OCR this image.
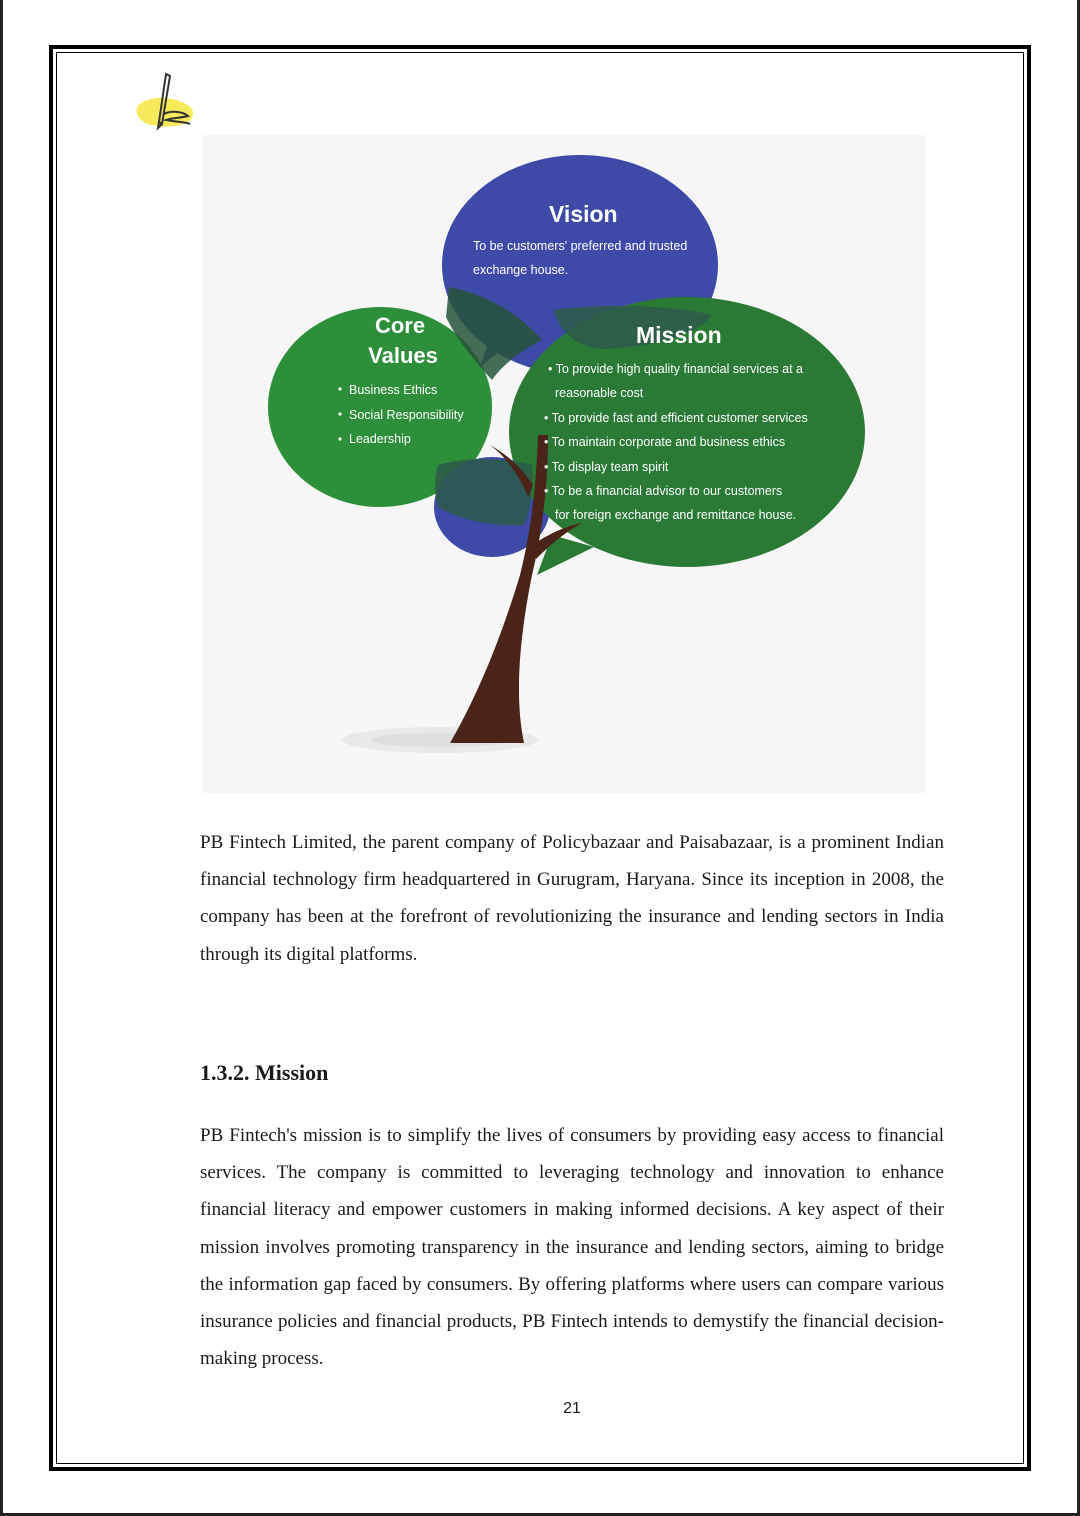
Vision
To be customers' preferred and trusted
exchange house.
Core
Values
Business Ethics
Social Responsibility
Leadership
Mission
• To provide high quality financial services at a
reasonable cost
• To provide fast and efficient customer services
• To maintain corporate and business ethics
• To display team spirit
• To be a financial advisor to our customers
for foreign exchange and remittance house.

PB Fintech Limited, the parent company of Policybazaar and Paisabazaar, is a prominent Indian financial technology firm headquartered in Gurugram, Haryana. Since its inception in 2008, the company has been at the forefront of revolutionizing the insurance and lending sectors in India through its digital platforms.

1.3.2. Mission

PB Fintech's mission is to simplify the lives of consumers by providing easy access to financial services. The company is committed to leveraging technology and innovation to enhance financial literacy and empower customers in making informed decisions. A key aspect of their mission involves promoting transparency in the insurance and lending sectors, aiming to bridge the information gap faced by consumers. By offering platforms where users can compare various insurance policies and financial products, PB Fintech intends to demystify the financial decision-making process.

21
